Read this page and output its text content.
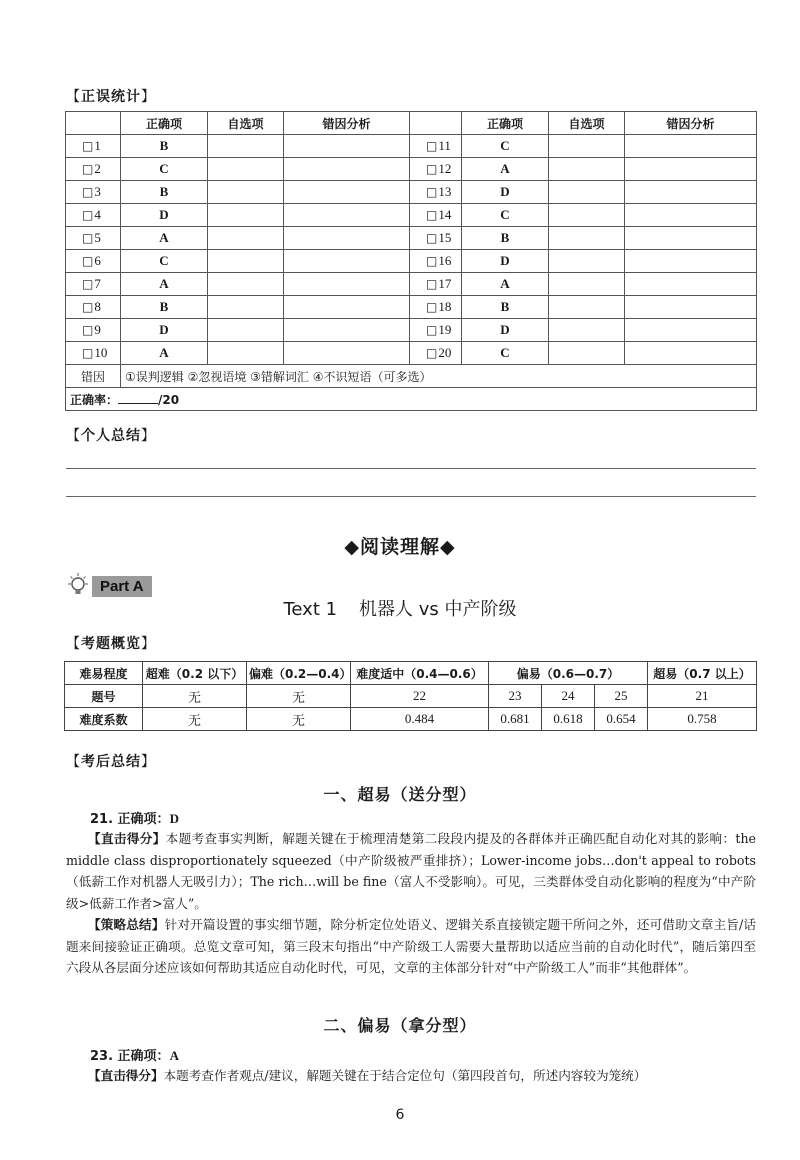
【正误统计】
	正确项	自选项	错因分析		正确项	自选项	错因分析
□1	B			□11	C		
□2	C			□12	A		
□3	B			□13	D		
□4	D			□14	C		
□5	A			□15	B		
□6	C			□16	D		
□7	A			□17	A		
□8	B			□18	B		
□9	D			□19	D		
□10	A			□20	C		
错因	①误判逻辑 ②忽视语境 ③错解词汇 ④不识短语（可多选）						
正确率： /20							
【个人总结】
◆阅读理解◆
Part A
Text 1 机器人 vs 中产阶级
【考题概览】
难易程度	超难（0.2 以下）	偏难（0.2—0.4）	难度适中（0.4—0.6）	偏易（0.6—0.7）			超易（0.7 以上）
题号	无	无	22	23	24	25	21
难度系数	无	无	0.484	0.681	0.618	0.654	0.758
【考后总结】
一、超易（送分型）
21. 正确项：D

【直击得分】本题考查事实判断，解题关键在于梳理清楚第二段段内提及的各群体并正确匹配自动化对其的影响：the middle class disproportionately squeezed（中产阶级被严重排挤）；Lower-income jobs…don't appeal to robots（低薪工作对机器人无吸引力）；The rich…will be fine（富人不受影响）。可见，三类群体受自动化影响的程度为“中产阶级>低薪工作者>富人”。

【策略总结】针对开篇设置的事实细节题，除分析定位处语义、逻辑关系直接锁定题干所问之外，还可借助文章主旨/话题来间接验证正确项。总览文章可知，第三段末句指出“中产阶级工人需要大量帮助以适应当前的自动化时代”，随后第四至六段从各层面分述应该如何帮助其适应自动化时代，可见，文章的主体部分针对“中产阶级工人”而非“其他群体”。

二、偏易（拿分型）
23. 正确项：A

【直击得分】本题考查作者观点/建议，解题关键在于结合定位句（第四段首句，所述内容较为笼统）

6
